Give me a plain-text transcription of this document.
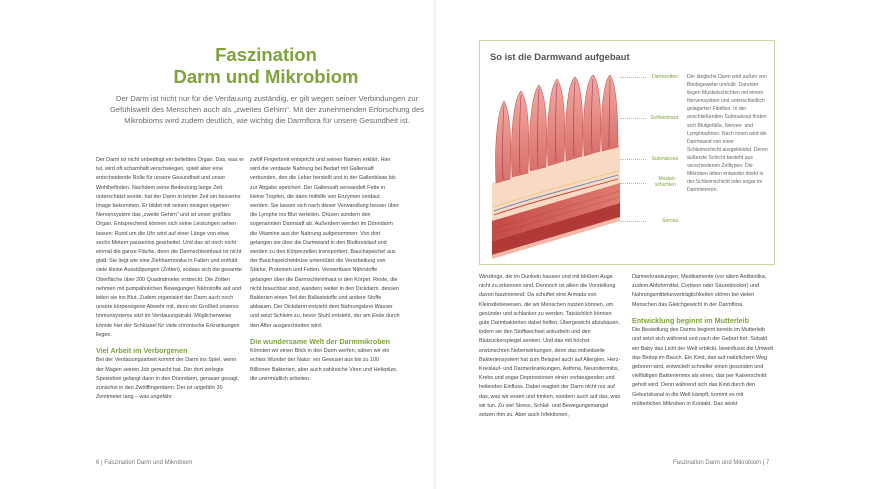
Faszination
Darm und Mikrobiom
Der Darm ist nicht nur für die Verdauung zuständig, er gilt wegen seiner Verbindungen zur Gefühlswelt des Menschen auch als „zweites Gehirn“. Mit der zunehmenden Erforschung des Mikrobioms wird zudem deutlich, wie wichtig die Darmflora für unsere Gesundheit ist.

Der Darm ist nicht unbedingt ein beliebtes Organ. Das, was er tut, wird oft schamhaft verschwiegen, spielt aber eine entscheidende Rolle für unsere Gesundheit und unser Wohlbefinden. Nachdem seine Bedeutung lange Zeit unterschätzt wurde, hat der Darm in letzter Zeit ein besseres Image bekommen. Er bildet mit seinen riesigen eigenen Nervensystem das „zweite Gehirn“ und ist unser größtes Organ. Entsprechend können sich seine Leistungen sehen lassen: Rund um die Uhr wird auf einer Länge von etwa sechs Metern pausenlos gearbeitet. Und das ist noch nicht einmal die ganze Fläche, denn die Darmschleimhaut ist nicht glatt: Sie liegt wie eine Ziehharmonika in Falten und enthält viele kleine Ausstülpungen (Zotten), sodass sich die gesamte Oberfläche über 200 Quadratmeter erstreckt. Die Zotten nehmen mit pumpähnlichen Bewegungen Nährstoffe auf und leiten sie ins Blut. Zudem organisiert der Darm auch noch unsere körpereigene Abwehr mit, denn ein Großteil unseres Immunsystems sitzt im Verdauungstrakt. Möglicherweise könnte hier der Schlüssel für viele chronische Erkrankungen liegen.

Viel Arbeit im Verborgenen

Bei der Verdauungsarbeit kommt der Darm ins Spiel, wenn der Magen seinen Job gemacht hat. Der dort zerlegte Speisebrei gelangt dann in den Dünndarm, genauer gesagt, zunächst in den Zwölffingerdarm. Der ist ungefähr 30 Zentimeter lang – was ungefähr

zwölf Fingerbreit entspricht und seinen Namen erklärt. Hier wird die verdaute Nahrung bei Bedarf mit Gallensaft verbunden, den die Leber herstellt und in der Gallenblase bis zur Abgabe speichert. Der Gallensaft verwandelt Fette in kleine Tropfen, die dann mithilfe von Enzymen verdaut werden. Sie lassen sich nach dieser Verwandlung besser über die Lymphe ins Blut verteilen. Drüsen sondern den sogenannten Darmsaft ab. Außerdem werden im Dünndarm die Vitamine aus der Nahrung aufgenommen: Von dort gelangen sie über die Darmwand in den Blutkreislauf und werden zu den Körperzellen transportiert. Bauchspeichel aus der Bauchspeicheldrüse unterstützt die Verarbeitung von Stärke, Proteinen und Fetten. Verwertbare Nährstoffe gelangen über die Darmschleimhaut in den Körper. Reste, die nicht brauchbar sind, wandern weiter in den Dickdarm, dessen Bakterien einen Teil der Ballaststoffe und andere Stoffe abbauen. Der Dickdarm entzieht dem Nahrungsbrei Wasser und setzt Schleim zu, bevor Stuhl entsteht, der am Ende durch den After ausgeschieden wird.

Die wundersame Welt der Darmmikroben

Könnten wir einen Blick in den Darm werfen, sähen wir ein echtes Wunder der Natur: ein Gewusel aus bis zu 100 Billionen Bakterien, aber auch zahlreiche Viren und Hefepilze, die unermüdlich arbeiten.

6 | Faszination Darm und Mikrobiom
So ist die Darmwand aufgebaut
Darmzotten
Schleimhaut
Submukosa
Muskel-schichten
Serosa
Der längliche Darm wird außen von Bindegewebe umhüllt. Darunter liegen Muskelschichten mit einem Nervensystem und unterschiedlich gelagerten Fibrillen. In der anschließenden Submukosa finden sich Blutgefäße, Nerven- und Lymphbahnen. Nach innen wird die Darmwand von einer Schleimschicht ausgekleidet. Deren äußerste Schicht besteht aus verschiedenen Zelltypen. Die Mikroben leben entweder direkt in der Schleimschicht oder sogar im Darminneren.

Winzlinge, die im Dunkeln hausen und mit bloßem Auge nicht zu erkennen sind. Dennoch ist allein die Vorstellung davon faszinierend: Da schuftet eine Armada von Kleinstlebewesen, die wir Menschen nutzen können, um gesünder und schlanker zu werden. Tatsächlich können gute Darmbakterien dabei helfen, Übergewicht abzubauen, indem sie den Stoffwechsel ankurbeln und den Blutzuckerspiegel senken. Und das mit höchst erwünschten Nebenwirkungen, denn das individuelle Bakteriensystem hat zum Beispiel auch auf Allergien, Herz-Kreislauf- und Darmerkrankungen, Asthma, Neurodermitis, Krebs und sogar Depressionen einen vorbeugenden und heilenden Einfluss. Dabei reagiert der Darm nicht nur auf das, was wir essen und trinken, sondern auch auf das, was wir tun. Zu viel Stress, Schlaf- und Bewegungsmangel setzen ihm zu. Aber auch Infektionen,

Darmerkrankungen, Medikamente (vor allem Antibiotika, zudem Abführmittel, Cortison oder Säureblocker) und Nahrungsmittelunverträglichkeiten stören bei vielen Menschen das Gleichgewicht in der Darmflora.

Entwicklung beginnt im Mutterleib

Die Besiedlung des Darms beginnt bereits im Mutterleib und setzt sich während und nach der Geburt fort. Sobald ein Baby das Licht der Welt erblickt, beeinflusst die Umwelt das Biotop im Bauch. Ein Kind, das auf natürlichem Weg geboren wird, entwickelt schneller einen gesunden und vielfältigen Bakterienmix als eines, das per Kaiserschnitt geholt wird. Denn während sich das Kind durch den Geburtskanal in die Welt kämpft, kommt es mit mütterlichen Mikroben in Kontakt. Das senkt

Faszination Darm und Mikrobiom | 7
